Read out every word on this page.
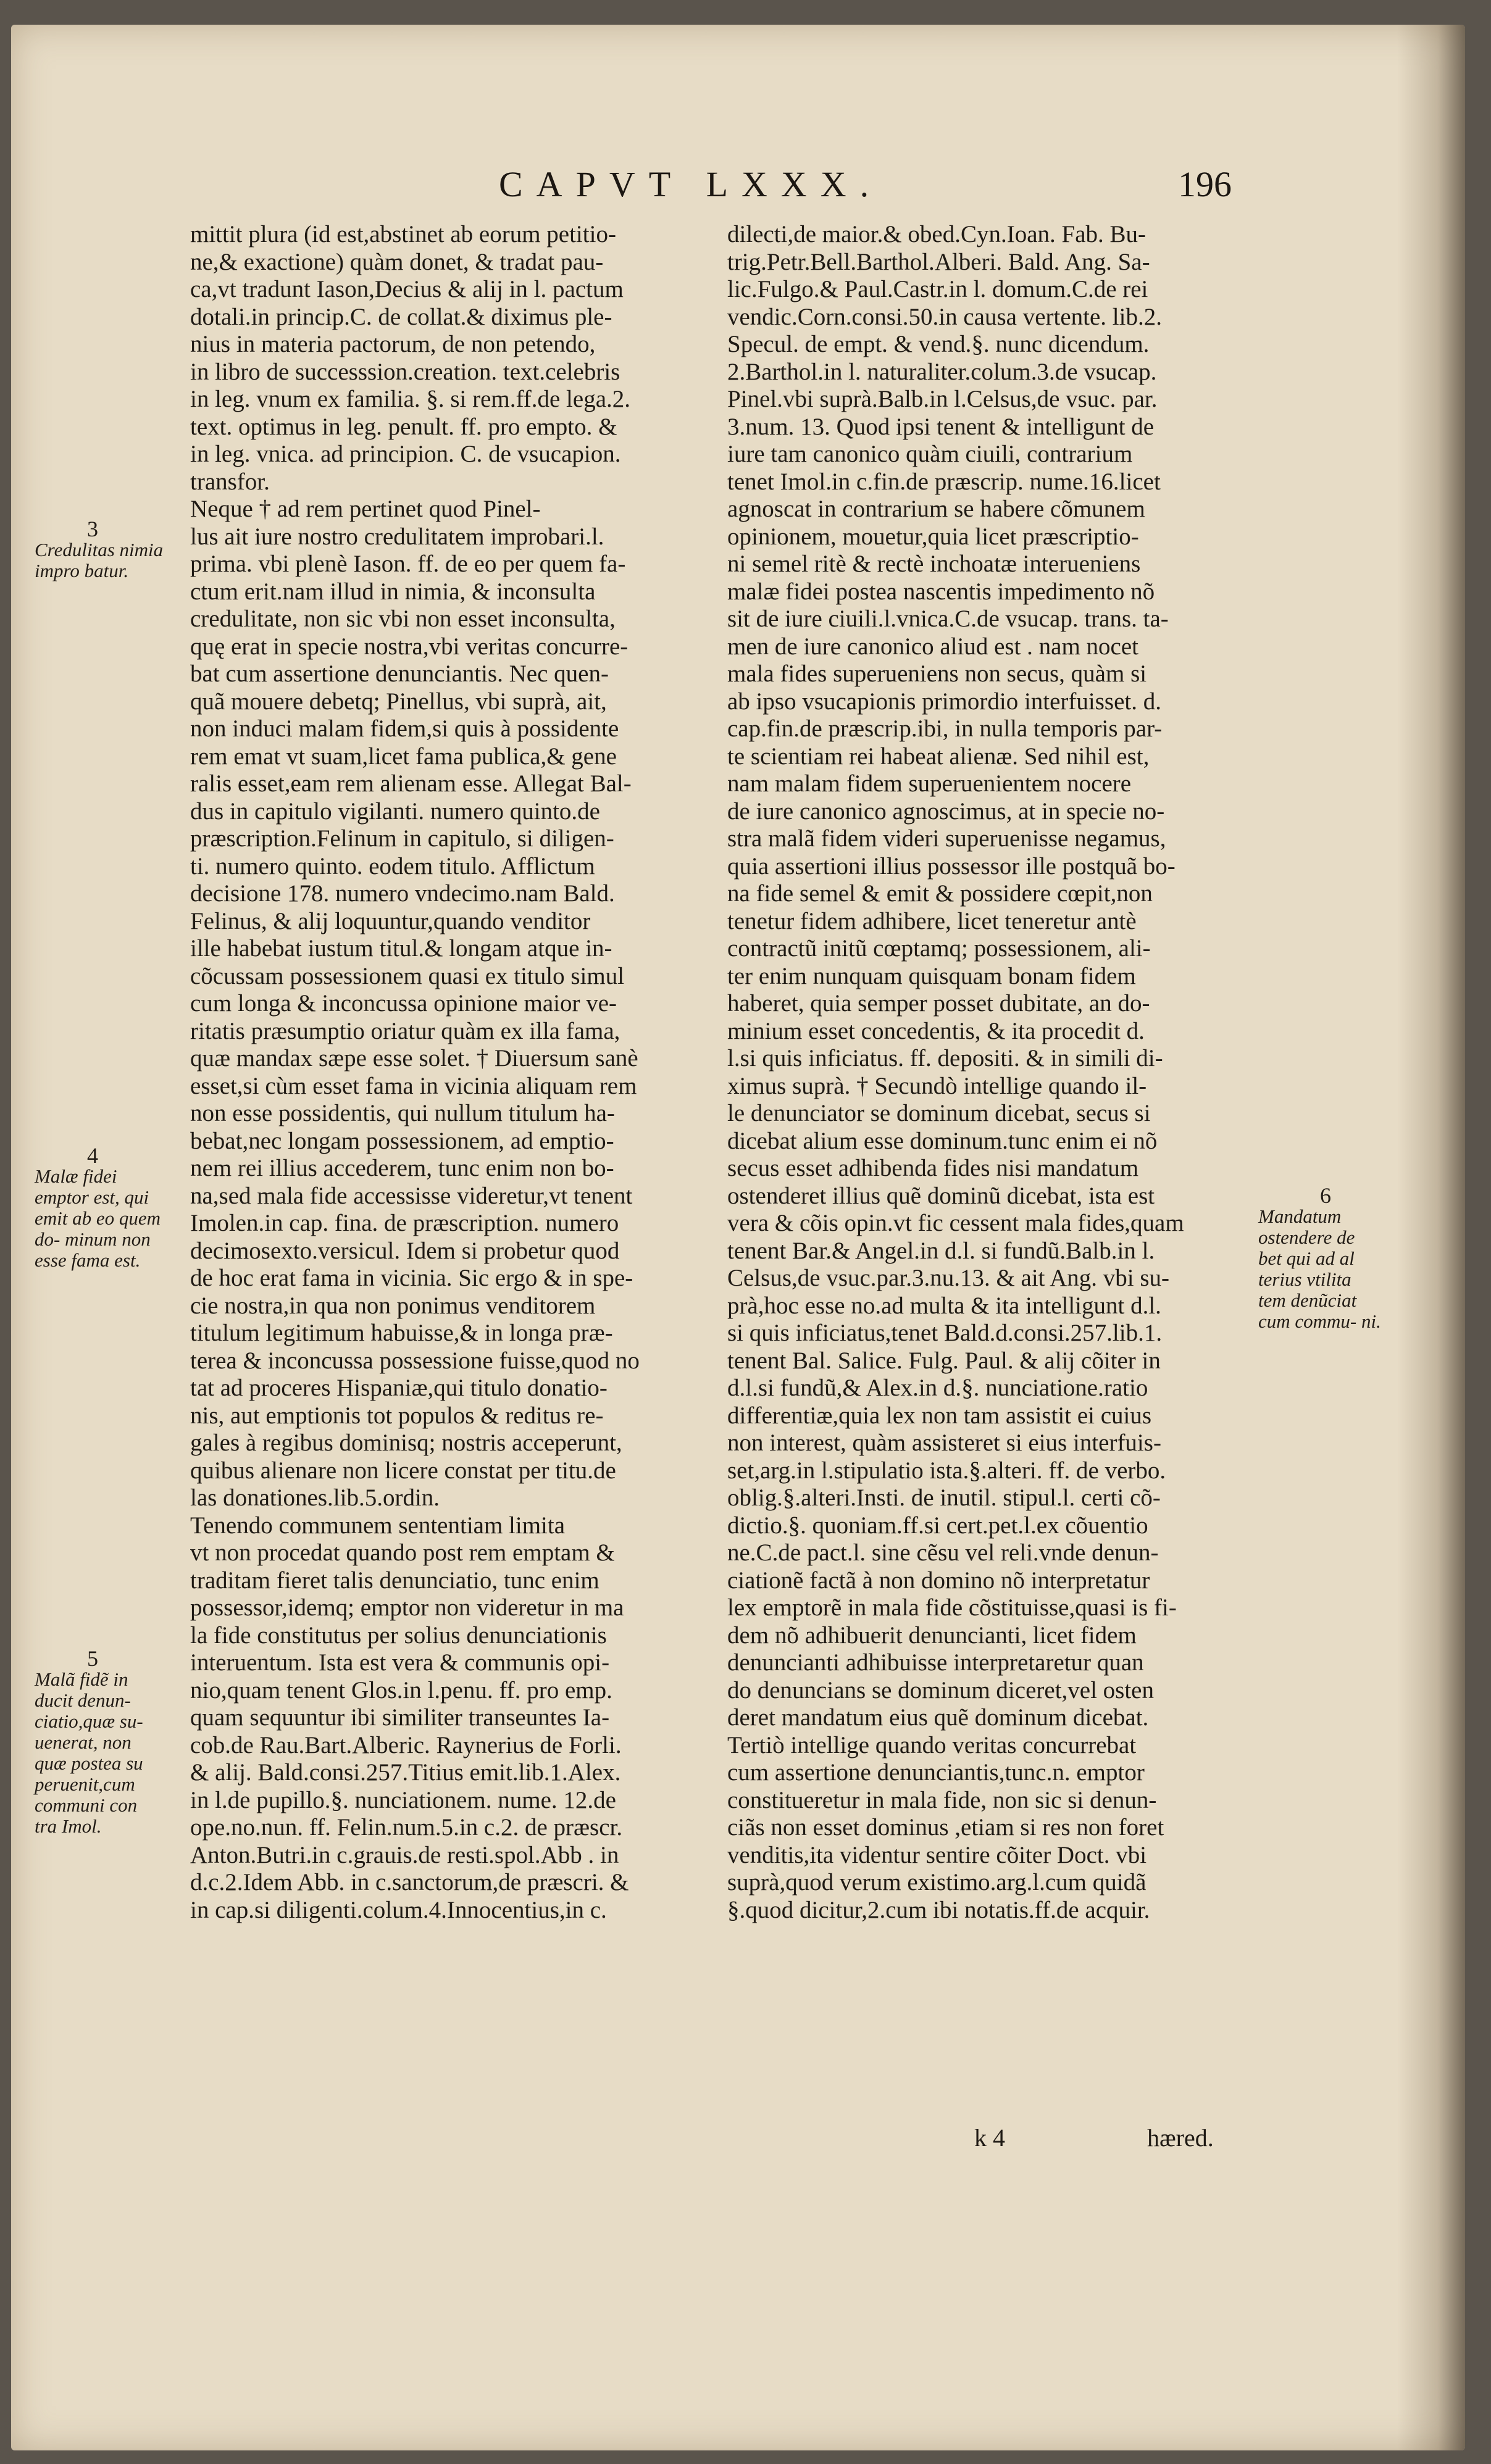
CAPVT LXXX.	196
mittit plura (id est,abstinet ab eorum petitio-
ne,& exactione) quàm donet, & tradat pau-
ca,vt tradunt Iason,Decius & alij in l. pactum
dotali.in princip.C. de collat.& diximus ple-
nius in materia pactorum, de non petendo,
in libro de successsion.creation. text.celebris
in leg. vnum ex familia. §. si rem.ff.de lega.2.
text. optimus in leg. penult. ff. pro empto. &
in leg. vnica. ad principion. C. de vsucapion.
transfor.
Neque † ad rem pertinet quod Pinel-
lus ait iure nostro credulitatem improbari.l.
prima. vbi plenè Iason. ff. de eo per quem fa-
ctum erit.nam illud in nimia, & inconsulta
credulitate, non sic vbi non esset inconsulta,
quę erat in specie nostra,vbi veritas concurre-
bat cum assertione denunciantis. Nec quen-
quã mouere debetq; Pinellus, vbi suprà, ait,
non induci malam fidem,si quis à possidente
rem emat vt suam,licet fama publica,& gene
ralis esset,eam rem alienam esse. Allegat Bal-
dus in capitulo vigilanti. numero quinto.de
præscription.Felinum in capitulo, si diligen-
ti. numero quinto. eodem titulo. Afflictum
decisione 178. numero vndecimo.nam Bald.
Felinus, & alij loquuntur,quando venditor
ille habebat iustum titul.& longam atque in-
cõcussam possessionem quasi ex titulo simul
cum longa & inconcussa opinione maior ve-
ritatis præsumptio oriatur quàm ex illa fama,
quæ mandax sæpe esse solet. † Diuersum sanè
esset,si cùm esset fama in vicinia aliquam rem
non esse possidentis, qui nullum titulum ha-
bebat,nec longam possessionem, ad emptio-
nem rei illius accederem, tunc enim non bo-
na,sed mala fide accessisse videretur,vt tenent
Imolen.in cap. fina. de præscription. numero
decimosexto.versicul. Idem si probetur quod
de hoc erat fama in vicinia. Sic ergo & in spe-
cie nostra,in qua non ponimus venditorem
titulum legitimum habuisse,& in longa præ-
terea & inconcussa possessione fuisse,quod no
tat ad proceres Hispaniæ,qui titulo donatio-
nis, aut emptionis tot populos & reditus re-
gales à regibus dominisq; nostris acceperunt,
quibus alienare non licere constat per titu.de
las donationes.lib.5.ordin.
Tenendo communem sententiam limita
vt non procedat quando post rem emptam &
traditam fieret talis denunciatio, tunc enim
possessor,idemq; emptor non videretur in ma
la fide constitutus per solius denunciationis
interuentum. Ista est vera & communis opi-
nio,quam tenent Glos.in l.penu. ff. pro emp.
quam sequuntur ibi similiter transeuntes Ia-
cob.de Rau.Bart.Alberic. Raynerius de Forli.
& alij. Bald.consi.257.Titius emit.lib.1.Alex.
in l.de pupillo.§. nunciationem. nume. 12.de
ope.no.nun. ff. Felin.num.5.in c.2. de præscr.
Anton.Butri.in c.grauis.de resti.spol.Abb . in
d.c.2.Idem Abb. in c.sanctorum,de præscri. &
in cap.si diligenti.colum.4.Innocentius,in c.
dilecti,de maior.& obed.Cyn.Ioan. Fab. Bu-
trig.Petr.Bell.Barthol.Alberi. Bald. Ang. Sa-
lic.Fulgo.& Paul.Castr.in l. domum.C.de rei
vendic.Corn.consi.50.in causa vertente. lib.2.
Specul. de empt. & vend.§. nunc dicendum.
2.Barthol.in l. naturaliter.colum.3.de vsucap.
Pinel.vbi suprà.Balb.in l.Celsus,de vsuc. par.
3.num. 13. Quod ipsi tenent & intelligunt de
iure tam canonico quàm ciuili, contrarium
tenet Imol.in c.fin.de præscrip. nume.16.licet
agnoscat in contrarium se habere cõmunem
opinionem, mouetur,quia licet præscriptio-
ni semel ritè & rectè inchoatæ interueniens
malæ fidei postea nascentis impedimento nõ
sit de iure ciuili.l.vnica.C.de vsucap. trans. ta-
men de iure canonico aliud est . nam nocet
mala fides superueniens non secus, quàm si
ab ipso vsucapionis primordio interfuisset. d.
cap.fin.de præscrip.ibi, in nulla temporis par-
te scientiam rei habeat alienæ. Sed nihil est,
nam malam fidem superuenientem nocere
de iure canonico agnoscimus, at in specie no-
stra malã fidem videri superuenisse negamus,
quia assertioni illius possessor ille postquã bo-
na fide semel & emit & possidere cœpit,non
tenetur fidem adhibere, licet teneretur antè
contractũ initũ cœptamq; possessionem, ali-
ter enim nunquam quisquam bonam fidem
haberet, quia semper posset dubitate, an do-
minium esset concedentis, & ita procedit d.
l.si quis inficiatus. ff. depositi. & in simili di-
ximus suprà. † Secundò intellige quando il-
le denunciator se dominum dicebat, secus si
dicebat alium esse dominum.tunc enim ei nõ
secus esset adhibenda fides nisi mandatum
ostenderet illius quẽ dominũ dicebat, ista est
vera & cõis opin.vt fic cessent mala fides,quam
tenent Bar.& Angel.in d.l. si fundũ.Balb.in l.
Celsus,de vsuc.par.3.nu.13. & ait Ang. vbi su-
prà,hoc esse no.ad multa & ita intelligunt d.l.
si quis inficiatus,tenet Bald.d.consi.257.lib.1.
tenent Bal. Salice. Fulg. Paul. & alij cõiter in
d.l.si fundũ,& Alex.in d.§. nunciatione.ratio
differentiæ,quia lex non tam assistit ei cuius
non interest, quàm assisteret si eius interfuis-
set,arg.in l.stipulatio ista.§.alteri. ff. de verbo.
oblig.§.alteri.Insti. de inutil. stipul.l. certi cõ-
dictio.§. quoniam.ff.si cert.pet.l.ex cõuentio
ne.C.de pact.l. sine cẽsu vel reli.vnde denun-
ciationẽ factã à non domino nõ interpretatur
lex emptorẽ in mala fide cõstituisse,quasi is fi-
dem nõ adhibuerit denuncianti, licet fidem
denuncianti adhibuisse interpretaretur quan
do denuncians se dominum diceret,vel osten
deret mandatum eius quẽ dominum dicebat.
Tertiò intellige quando veritas concurrebat
cum assertione denunciantis,tunc.n. emptor
constitueretur in mala fide, non sic si denun-
ciãs non esset dominus ,etiam si res non foret
venditis,ita videntur sentire cõiter Doct. vbi
suprà,quod verum existimo.arg.l.cum quidã
§.quod dicitur,2.cum ibi notatis.ff.de acquir.
3
Credulitas nimia impro batur.
4
Malæ fidei emptor est, qui emit ab eo quem do- minum non esse fama est.
5
Malã fidẽ in ducit denun- ciatio,quæ su- uenerat, non quæ postea su peruenit,cum communi con tra Imol.
6
Mandatum ostendere de bet qui ad al terius vtilita tem denũciat cum commu- ni.
k 4	hæred.
